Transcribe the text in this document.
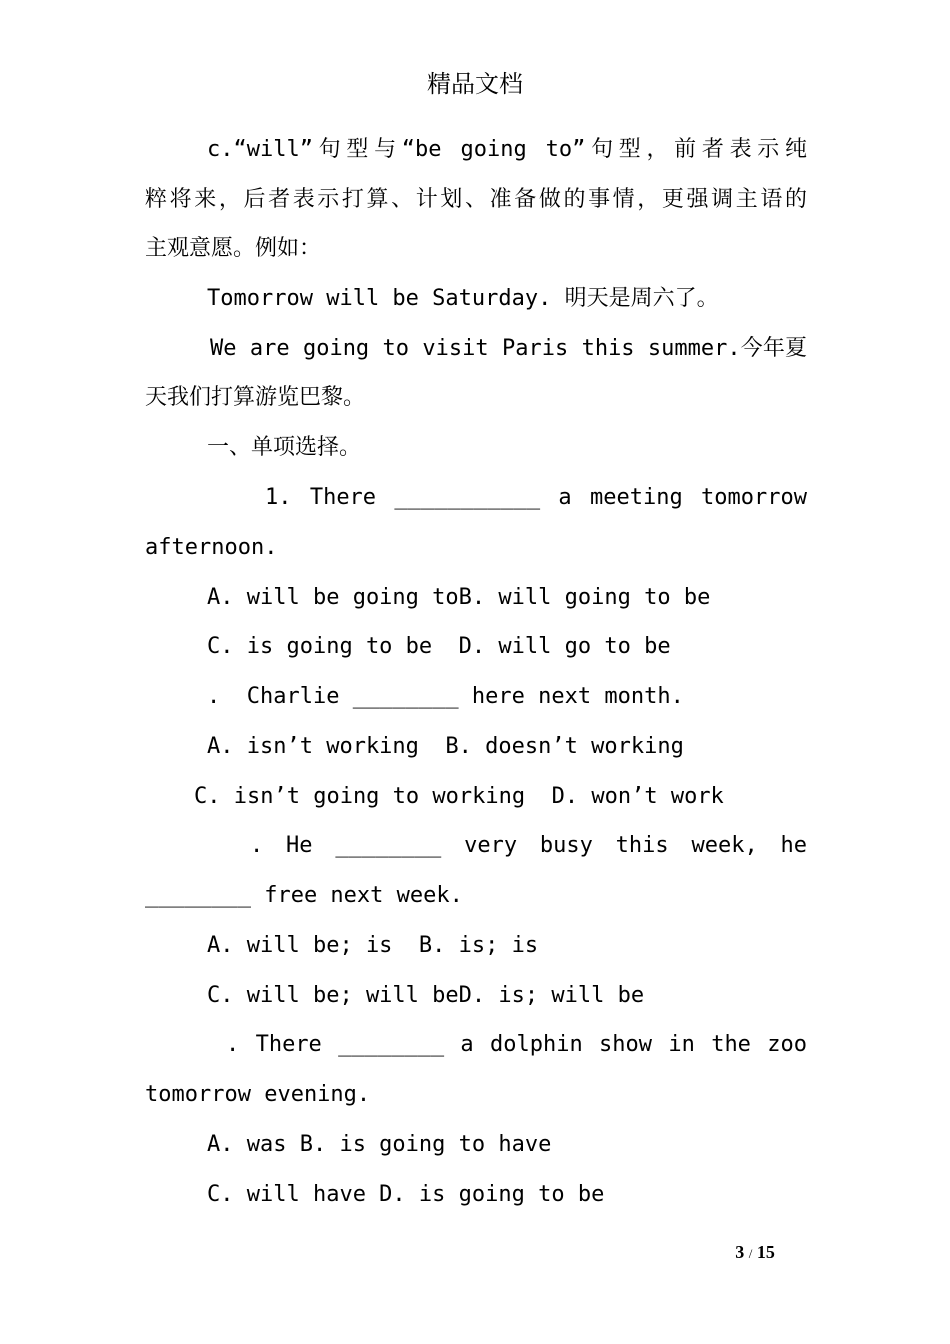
精品文档
c.“will”句型与“be going to”句型，前者表示纯
粹将来，后者表示打算、计划、准备做的事情，更强调主语的
主观意愿。例如：
Tomorrow will be Saturday. 明天是周六了。
We are going to visit Paris this summer.今年夏
天我们打算游览巴黎。
一、单项选择。
1. There ___________ a meeting tomorrow
afternoon.
A. will be going toB. will going to be
C. is going to be  D. will go to be
.  Charlie ________ here next month.
A. isn’t working  B. doesn’t working
C. isn’t going to working  D. won’t work
. He ________ very busy this week, he
________ free next week.
A. will be; is  B. is; is
C. will be; will beD. is; will be
. There ________ a dolphin show in the zoo
tomorrow evening.
A. was B. is going to have
C. will have D. is going to be
3 / 15
